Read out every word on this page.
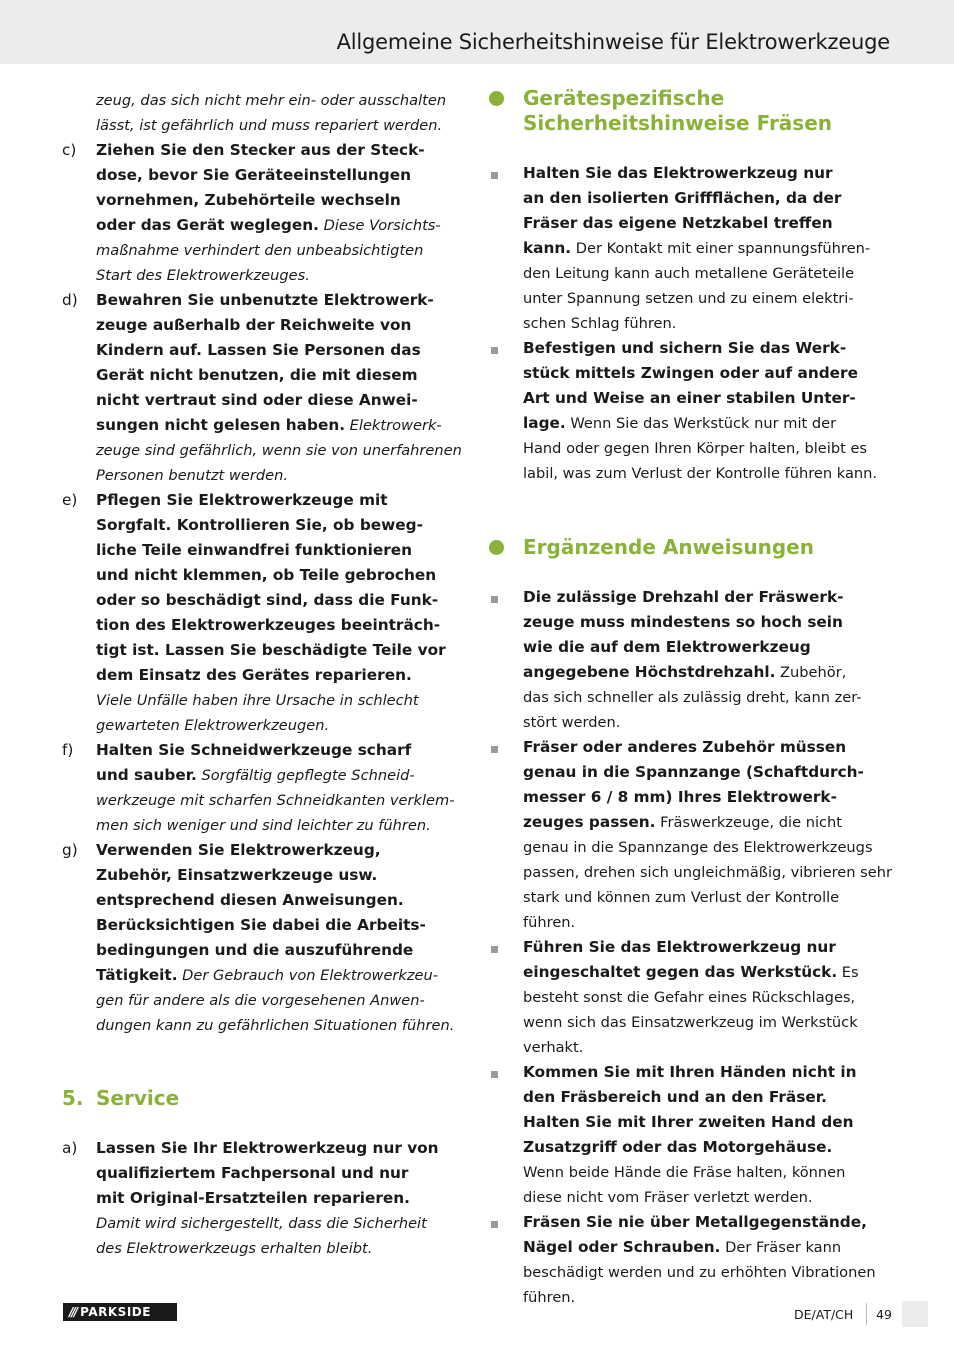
Allgemeine Sicherheitshinweise für Elektrowerkzeuge
zeug, das sich nicht mehr ein- oder ausschalten
lässt, ist gefährlich und muss repariert werden.
c) Ziehen Sie den Stecker aus der Steck-
dose, bevor Sie Geräteeinstellungen
vornehmen, Zubehörteile wechseln
oder das Gerät weglegen. Diese Vorsichts-
maßnahme verhindert den unbeabsichtigten
Start des Elektrowerkzeuges.
d) Bewahren Sie unbenutzte Elektrowerk-
zeuge außerhalb der Reichweite von
Kindern auf. Lassen Sie Personen das
Gerät nicht benutzen, die mit diesem
nicht vertraut sind oder diese Anwei-
sungen nicht gelesen haben. Elektrowerk-
zeuge sind gefährlich, wenn sie von unerfahrenen
Personen benutzt werden.
e) Pflegen Sie Elektrowerkzeuge mit
Sorgfalt. Kontrollieren Sie, ob beweg-
liche Teile einwandfrei funktionieren
und nicht klemmen, ob Teile gebrochen
oder so beschädigt sind, dass die Funk-
tion des Elektrowerkzeuges beeinträch-
tigt ist. Lassen Sie beschädigte Teile vor
dem Einsatz des Gerätes reparieren.
Viele Unfälle haben ihre Ursache in schlecht
gewarteten Elektrowerkzeugen.
f) Halten Sie Schneidwerkzeuge scharf
und sauber. Sorgfältig gepflegte Schneid-
werkzeuge mit scharfen Schneidkanten verklem-
men sich weniger und sind leichter zu führen.
g) Verwenden Sie Elektrowerkzeug,
Zubehör, Einsatzwerkzeuge usw.
entsprechend diesen Anweisungen.
Berücksichtigen Sie dabei die Arbeits-
bedingungen und die auszuführende
Tätigkeit. Der Gebrauch von Elektrowerkzeu-
gen für andere als die vorgesehenen Anwen-
dungen kann zu gefährlichen Situationen führen.
5. Service
a) Lassen Sie Ihr Elektrowerkzeug nur von
qualifiziertem Fachpersonal und nur
mit Original-Ersatzteilen reparieren.
Damit wird sichergestellt, dass die Sicherheit
des Elektrowerkzeugs erhalten bleibt.
Gerätespezifische
Sicherheitshinweise Fräsen
Halten Sie das Elektrowerkzeug nur
an den isolierten Griffflächen, da der
Fräser das eigene Netzkabel treffen
kann. Der Kontakt mit einer spannungsführen-
den Leitung kann auch metallene Geräteteile
unter Spannung setzen und zu einem elektri-
schen Schlag führen.
Befestigen und sichern Sie das Werk-
stück mittels Zwingen oder auf andere
Art und Weise an einer stabilen Unter-
lage. Wenn Sie das Werkstück nur mit der
Hand oder gegen Ihren Körper halten, bleibt es
labil, was zum Verlust der Kontrolle führen kann.
Ergänzende Anweisungen
Die zulässige Drehzahl der Fräswerk-
zeuge muss mindestens so hoch sein
wie die auf dem Elektrowerkzeug
angegebene Höchstdrehzahl. Zubehör,
das sich schneller als zulässig dreht, kann zer-
stört werden.
Fräser oder anderes Zubehör müssen
genau in die Spannzange (Schaftdurch-
messer 6 / 8 mm) Ihres Elektrowerk-
zeuges passen. Fräswerkzeuge, die nicht
genau in die Spannzange des Elektrowerkzeugs
passen, drehen sich ungleichmäßig, vibrieren sehr
stark und können zum Verlust der Kontrolle führen.
Führen Sie das Elektrowerkzeug nur
eingeschaltet gegen das Werkstück. Es
besteht sonst die Gefahr eines Rückschlages,
wenn sich das Einsatzwerkzeug im Werkstück
verhakt.
Kommen Sie mit Ihren Händen nicht in
den Fräsbereich und an den Fräser.
Halten Sie mit Ihrer zweiten Hand den
Zusatzgriff oder das Motorgehäuse.
Wenn beide Hände die Fräse halten, können
diese nicht vom Fräser verletzt werden.
Fräsen Sie nie über Metallgegenstände,
Nägel oder Schrauben. Der Fräser kann
beschädigt werden und zu erhöhten Vibrationen
führen.
/// PARKSIDE	DE/AT/CH 49
